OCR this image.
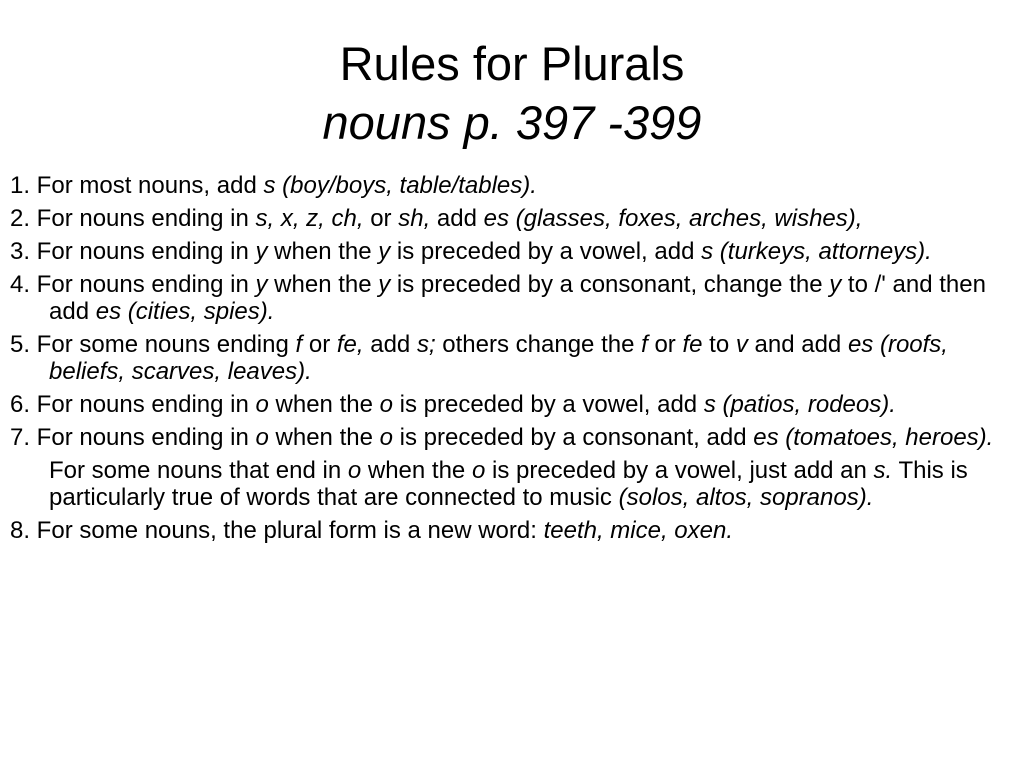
Rules for Plurals
nouns p. 397 -399
1. For most nouns, add s (boy/boys, table/tables).
2. For nouns ending in s, x, z, ch, or sh, add es (glasses, foxes, arches, wishes),
3. For nouns ending in y when the y is preceded by a vowel, add s (turkeys, attorneys).
4. For nouns ending in y when the y is preceded by a consonant, change the y to /' and then add es (cities, spies).
5. For some nouns ending f or fe, add s; others change the f or fe to v and add es (roofs, beliefs, scarves, leaves).
6. For nouns ending in o when the o is preceded by a vowel, add s (patios, rodeos).
7. For nouns ending in o when the o is preceded by a consonant, add es (tomatoes, heroes).
For some nouns that end in o when the o is preceded by a vowel, just add an s. This is particularly true of words that are connected to music (solos, altos, sopranos).
8. For some nouns, the plural form is a new word: teeth, mice, oxen.
